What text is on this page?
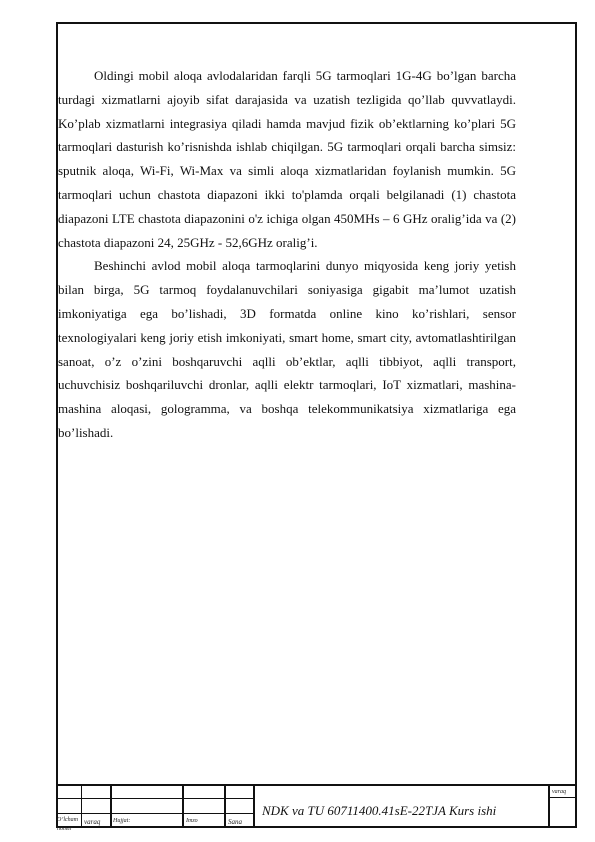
Oldingi mobil aloqa avlodalaridan farqli 5G tarmoqlari 1G-4G bo’lgan barcha turdagi xizmatlarni ajoyib sifat darajasida va uzatish tezligida qo’llab quvvatlaydi. Ko’plab xizmatlarni integrasiya qiladi hamda mavjud fizik ob’ektlarning ko’plari 5G tarmoqlari dasturish ko’risnishda ishlab chiqilgan. 5G tarmoqlari orqali barcha simsiz: sputnik aloqa, Wi-Fi, Wi-Max va simli aloqa xizmatlaridan foylanish mumkin. 5G tarmoqlari uchun chastota diapazoni ikki to'plamda orqali belgilanadi (1) chastota diapazoni LTE chastota diapazonini o'z ichiga olgan 450MHs – 6 GHz oralig’ida va (2) chastota diapazoni 24, 25GHz - 52,6GHz oralig’i.

Beshinchi avlod mobil aloqa tarmoqlarini dunyo miqyosida keng joriy yetish bilan birga, 5G tarmoq foydalanuvchilari soniyasiga gigabit ma’lumot uzatish imkoniyatiga ega bo’lishadi, 3D formatda online kino ko’rishlari, sensor texnologiyalari keng joriy etish imkoniyati, smart home, smart city, avtomatlashtirilgan sanoat, o’z o’zini boshqaruvchi aqlli ob’ektlar, aqlli tibbiyot, aqlli transport, uchuvchisiz boshqariluvchi dronlar, aqlli elektr tarmoqlari, IoT xizmatlari, mashina-mashina aloqasi, gologramma, va boshqa telekommunikatsiya xizmatlariga ega bo’lishadi.

O’lcham
nomer
varaq Hujjat:	Imzo	Sana
varaq
NDK va TU 60711400.41sE-22TJA Kurs ishi
